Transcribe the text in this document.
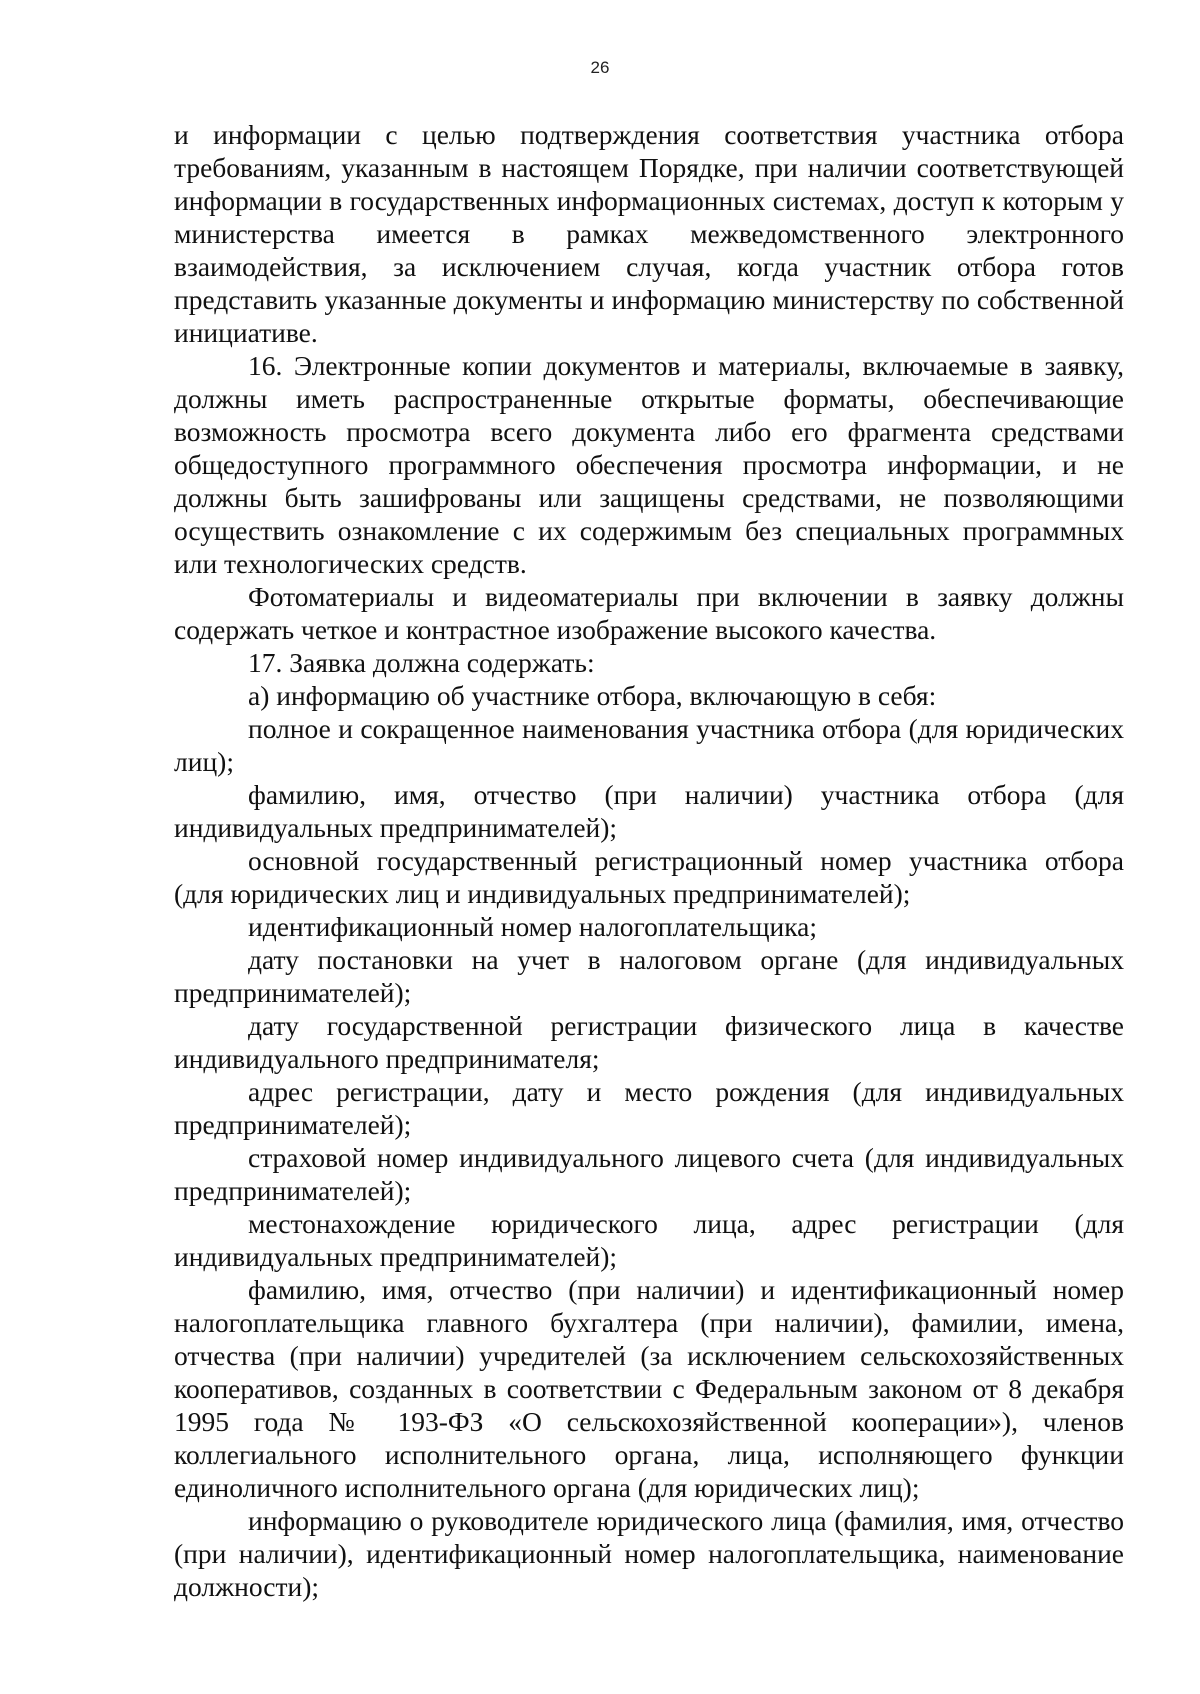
26

и информации с целью подтверждения соответствия участника отбора требованиям, указанным в настоящем Порядке, при наличии соответствующей информации в государственных информационных системах, доступ к которым у министерства имеется в рамках межведомственного электронного взаимодействия, за исключением случая, когда участник отбора готов представить указанные документы и информацию министерству по собственной инициативе.

16. Электронные копии документов и материалы, включаемые в заявку, должны иметь распространенные открытые форматы, обеспечивающие возможность просмотра всего документа либо его фрагмента средствами общедоступного программного обеспечения просмотра информации, и не должны быть зашифрованы или защищены средствами, не позволяющими осуществить ознакомление с их содержимым без специальных программных или технологических средств.

Фотоматериалы и видеоматериалы при включении в заявку должны содержать четкое и контрастное изображение высокого качества.

17. Заявка должна содержать:

а) информацию об участнике отбора, включающую в себя:

полное и сокращенное наименования участника отбора (для юридических лиц);

фамилию, имя, отчество (при наличии) участника отбора (для индивидуальных предпринимателей);

основной государственный регистрационный номер участника отбора (для юридических лиц и индивидуальных предпринимателей);

идентификационный номер налогоплательщика;

дату постановки на учет в налоговом органе (для индивидуальных предпринимателей);

дату государственной регистрации физического лица в качестве индивидуального предпринимателя;

адрес регистрации, дату и место рождения (для индивидуальных предпринимателей);

страховой номер индивидуального лицевого счета (для индивидуальных предпринимателей);

местонахождение юридического лица, адрес регистрации (для индивидуальных предпринимателей);

фамилию, имя, отчество (при наличии) и идентификационный номер налогоплательщика главного бухгалтера (при наличии), фамилии, имена, отчества (при наличии) учредителей (за исключением сельскохозяйственных кооперативов, созданных в соответствии с Федеральным законом от 8 декабря 1995 года № 193-ФЗ «О сельскохозяйственной кооперации»), членов коллегиального исполнительного органа, лица, исполняющего функции единоличного исполнительного органа (для юридических лиц);

информацию о руководителе юридического лица (фамилия, имя, отчество (при наличии), идентификационный номер налогоплательщика, наименование должности);
